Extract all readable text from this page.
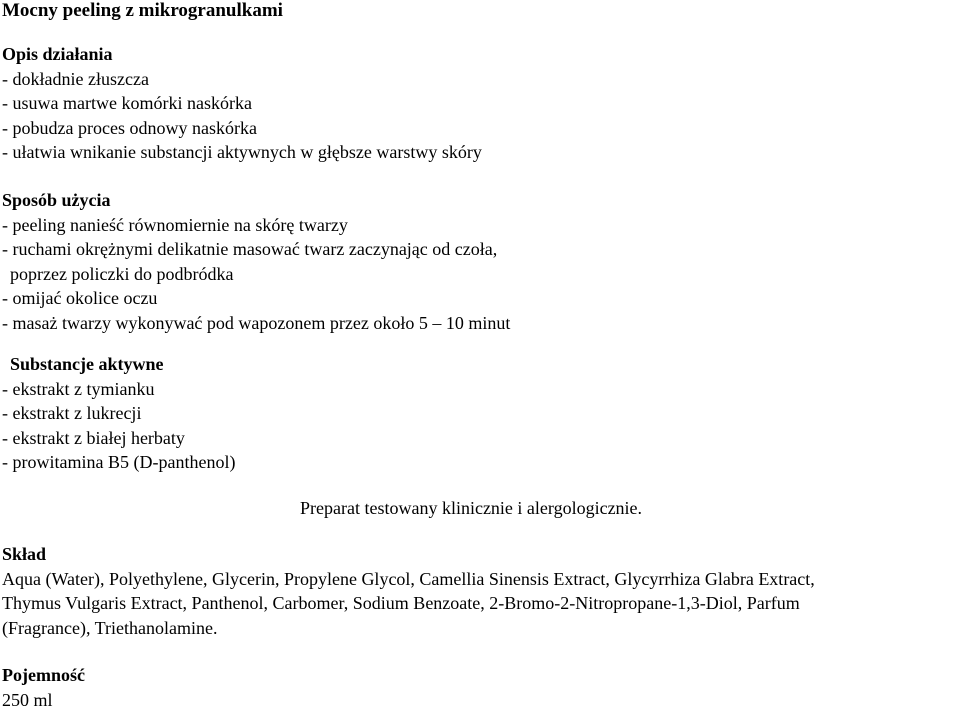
Mocny peeling z mikrogranulkami
Opis działania
- dokładnie złuszcza
- usuwa martwe komórki naskórka
- pobudza proces odnowy naskórka
- ułatwia wnikanie substancji aktywnych w głębsze warstwy skóry
Sposób użycia
- peeling nanieść równomiernie na skórę twarzy
- ruchami okrężnymi delikatnie masować twarz zaczynając od czoła,
poprzez policzki do podbródka
- omijać okolice oczu
- masaż twarzy wykonywać pod wapozonem przez około 5 – 10 minut
Substancje aktywne
- ekstrakt z tymianku
- ekstrakt z lukrecji
- ekstrakt z białej herbaty
- prowitamina B5 (D-panthenol)
Preparat testowany klinicznie i alergologicznie.
Skład
Aqua (Water), Polyethylene, Glycerin, Propylene Glycol, Camellia Sinensis Extract, Glycyrrhiza Glabra Extract,
Thymus Vulgaris Extract, Panthenol, Carbomer, Sodium Benzoate, 2-Bromo-2-Nitropropane-1,3-Diol, Parfum
(Fragrance), Triethanolamine.
Pojemność
250 ml
